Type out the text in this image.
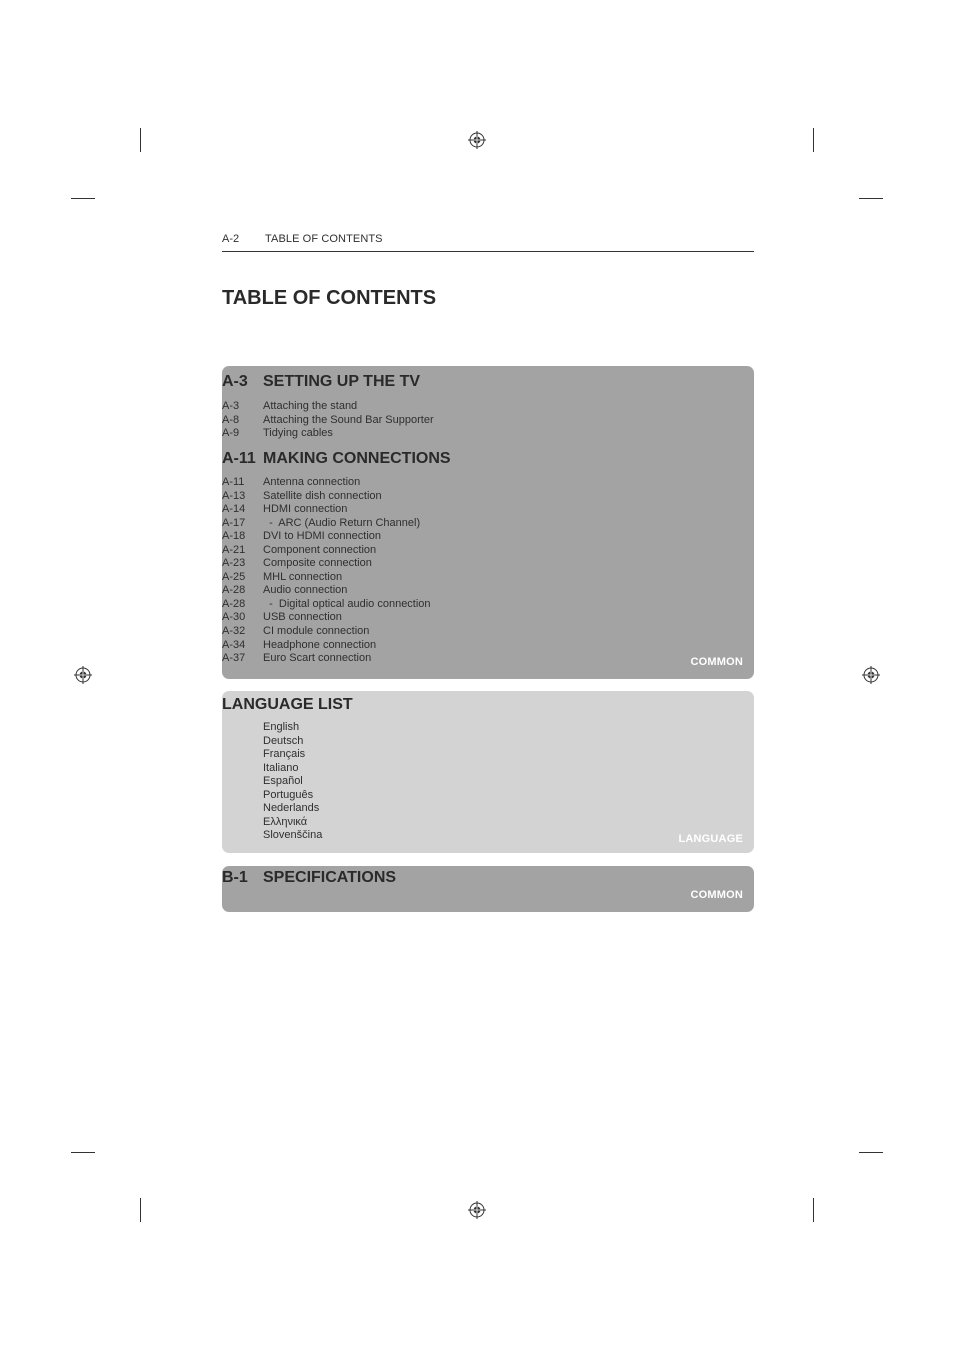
A-2 TABLE OF CONTENTS
TABLE OF CONTENTS
A-3 SETTING UP THE TV
A-3 Attaching the stand
A-8 Attaching the Sound Bar Supporter
A-9 Tidying cables
A-11 MAKING CONNECTIONS
A-11 Antenna connection
A-13 Satellite dish connection
A-14 HDMI connection
A-17  -  ARC (Audio Return Channel)
A-18 DVI to HDMI connection
A-21 Component connection
A-23 Composite connection
A-25 MHL connection
A-28 Audio connection
A-28  -  Digital optical audio connection
A-30 USB connection
A-32 CI module connection
A-34 Headphone connection
A-37 Euro Scart connection	COMMON
LANGUAGE LIST
English
Deutsch
Français
Italiano
Español
Português
Nederlands
Ελληνικά
Slovenščina	LANGUAGE
B-1 SPECIFICATIONS
COMMON
